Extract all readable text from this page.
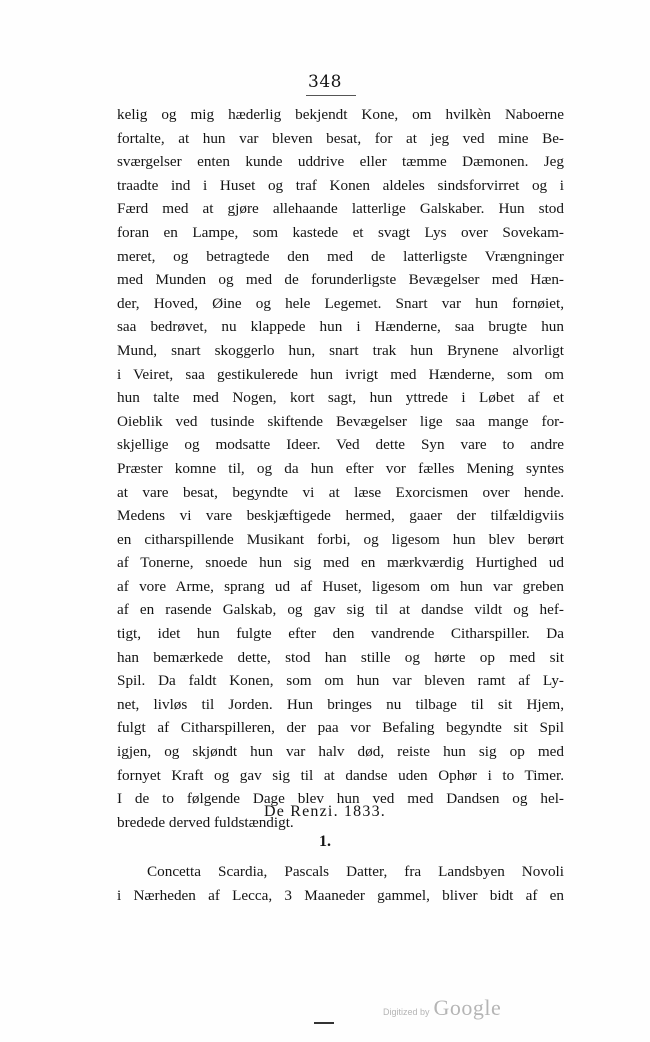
348
kelig og mig hæderlig bekjendt Kone, om hvilkèn Naboerne
fortalte, at hun var bleven besat, for at jeg ved mine Be-
sværgelser enten kunde uddrive eller tæmme Dæmonen. Jeg
traadte ind i Huset og traf Konen aldeles sindsforvirret og i
Færd med at gjøre allehaande latterlige Galskaber. Hun stod
foran en Lampe, som kastede et svagt Lys over Sovekam-
meret, og betragtede den med de latterligste Vrængninger
med Munden og med de forunderligste Bevægelser med Hæn-
der, Hoved, Øine og hele Legemet. Snart var hun fornøiet,
saa bedrøvet, nu klappede hun i Hænderne, saa brugte hun
Mund, snart skoggerlo hun, snart trak hun Brynene alvorligt
i Veiret, saa gestikulerede hun ivrigt med Hænderne, som om
hun talte med Nogen, kort sagt, hun yttrede i Løbet af et
Oieblik ved tusinde skiftende Bevægelser lige saa mange for-
skjellige og modsatte Ideer. Ved dette Syn vare to andre
Præster komne til, og da hun efter vor fælles Mening syntes
at vare besat, begyndte vi at læse Exorcismen over hende.
Medens vi vare beskjæftigede hermed, gaaer der tilfældigviis
en citharspillende Musikant forbi, og ligesom hun blev berørt
af Tonerne, snoede hun sig med en mærkværdig Hurtighed ud
af vore Arme, sprang ud af Huset, ligesom om hun var greben
af en rasende Galskab, og gav sig til at dandse vildt og hef-
tigt, idet hun fulgte efter den vandrende Citharspiller. Da
han bemærkede dette, stod han stille og hørte op med sit
Spil. Da faldt Konen, som om hun var bleven ramt af Ly-
net, livløs til Jorden. Hun bringes nu tilbage til sit Hjem,
fulgt af Citharspilleren, der paa vor Befaling begyndte sit Spil
igjen, og skjøndt hun var halv død, reiste hun sig op med
fornyet Kraft og gav sig til at dandse uden Ophør i to Timer.
I de to følgende Dage blev hun ved med Dandsen og hel-
bredede derved fuldstændigt.
De Renzi. 1833.
1.
Concetta Scardia, Pascals Datter, fra Landsbyen Novoli
i Nærheden af Lecca, 3 Maaneder gammel, bliver bidt af en
Digitized by Google
